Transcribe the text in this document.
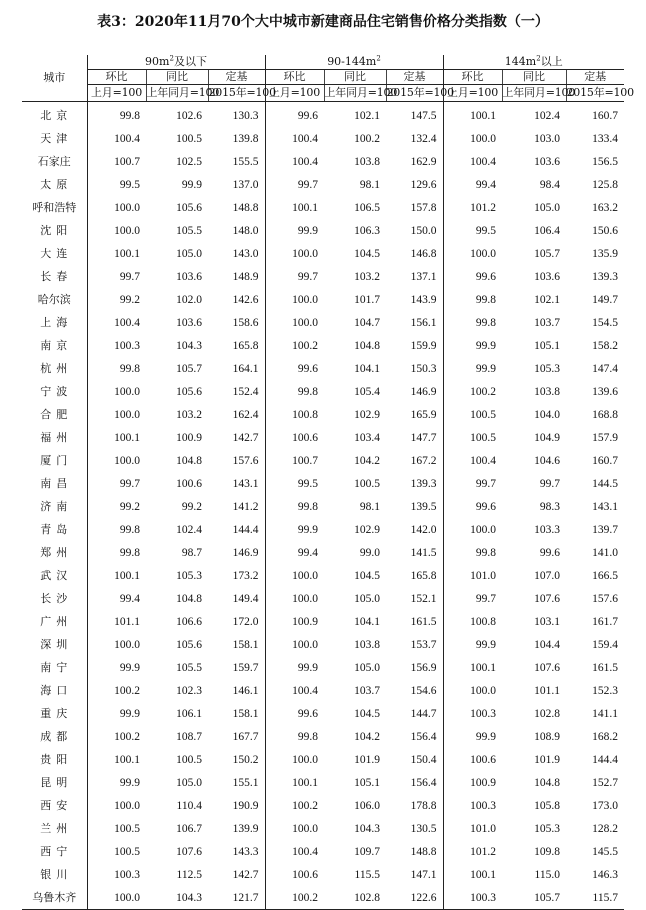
表3：2020年11月70个大中城市新建商品住宅销售价格分类指数（一）
城市	$90m^2$及以下			$90-144m^2$			$144m^2$以上		
	环比	同比	定基	环比	同比	定基	环比	同比	定基
	上月=100	上年同月=100	2015年=100	上月=100	上年同月=100	2015年=100	上月=100	上年同月=100	2015年=100
北京	99.8	102.6	130.3	99.6	102.1	147.5	100.1	102.4	160.7
天津	100.4	100.5	139.8	100.4	100.2	132.4	100.0	103.0	133.4
石家庄	100.7	102.5	155.5	100.4	103.8	162.9	100.4	103.6	156.5
太原	99.5	99.9	137.0	99.7	98.1	129.6	99.4	98.4	125.8
呼和浩特	100.0	105.6	148.8	100.1	106.5	157.8	101.2	105.0	163.2
沈阳	100.0	105.5	148.0	99.9	106.3	150.0	99.5	106.4	150.6
大连	100.1	105.0	143.0	100.0	104.5	146.8	100.0	105.7	135.9
长春	99.7	103.6	148.9	99.7	103.2	137.1	99.6	103.6	139.3
哈尔滨	99.2	102.0	142.6	100.0	101.7	143.9	99.8	102.1	149.7
上海	100.4	103.6	158.6	100.0	104.7	156.1	99.8	103.7	154.5
南京	100.3	104.3	165.8	100.2	104.8	159.9	99.9	105.1	158.2
杭州	99.8	105.7	164.1	99.6	104.1	150.3	99.9	105.3	147.4
宁波	100.0	105.6	152.4	99.8	105.4	146.9	100.2	103.8	139.6
合肥	100.0	103.2	162.4	100.8	102.9	165.9	100.5	104.0	168.8
福州	100.1	100.9	142.7	100.6	103.4	147.7	100.5	104.9	157.9
厦门	100.0	104.8	157.6	100.7	104.2	167.2	100.4	104.6	160.7
南昌	99.7	100.6	143.1	99.5	100.5	139.3	99.7	99.7	144.5
济南	99.2	99.2	141.2	99.8	98.1	139.5	99.6	98.3	143.1
青岛	99.8	102.4	144.4	99.9	102.9	142.0	100.0	103.3	139.7
郑州	99.8	98.7	146.9	99.4	99.0	141.5	99.8	99.6	141.0
武汉	100.1	105.3	173.2	100.0	104.5	165.8	101.0	107.0	166.5
长沙	99.4	104.8	149.4	100.0	105.0	152.1	99.7	107.6	157.6
广州	101.1	106.6	172.0	100.9	104.1	161.5	100.8	103.1	161.7
深圳	100.0	105.6	158.1	100.0	103.8	153.7	99.9	104.4	159.4
南宁	99.9	105.5	159.7	99.9	105.0	156.9	100.1	107.6	161.5
海口	100.2	102.3	146.1	100.4	103.7	154.6	100.0	101.1	152.3
重庆	99.9	106.1	158.1	99.6	104.5	144.7	100.3	102.8	141.1
成都	100.2	108.7	167.7	99.8	104.2	156.4	99.9	108.9	168.2
贵阳	100.1	100.5	150.2	100.0	101.9	150.4	100.6	101.9	144.4
昆明	99.9	105.0	155.1	100.1	105.1	156.4	100.9	104.8	152.7
西安	100.0	110.4	190.9	100.2	106.0	178.8	100.3	105.8	173.0
兰州	100.5	106.7	139.9	100.0	104.3	130.5	101.0	105.3	128.2
西宁	100.5	107.6	143.3	100.4	109.7	148.8	101.2	109.8	145.5
银川	100.3	112.5	142.7	100.6	115.5	147.1	100.1	115.0	146.3
乌鲁木齐	100.0	104.3	121.7	100.2	102.8	122.6	100.3	105.7	115.7
